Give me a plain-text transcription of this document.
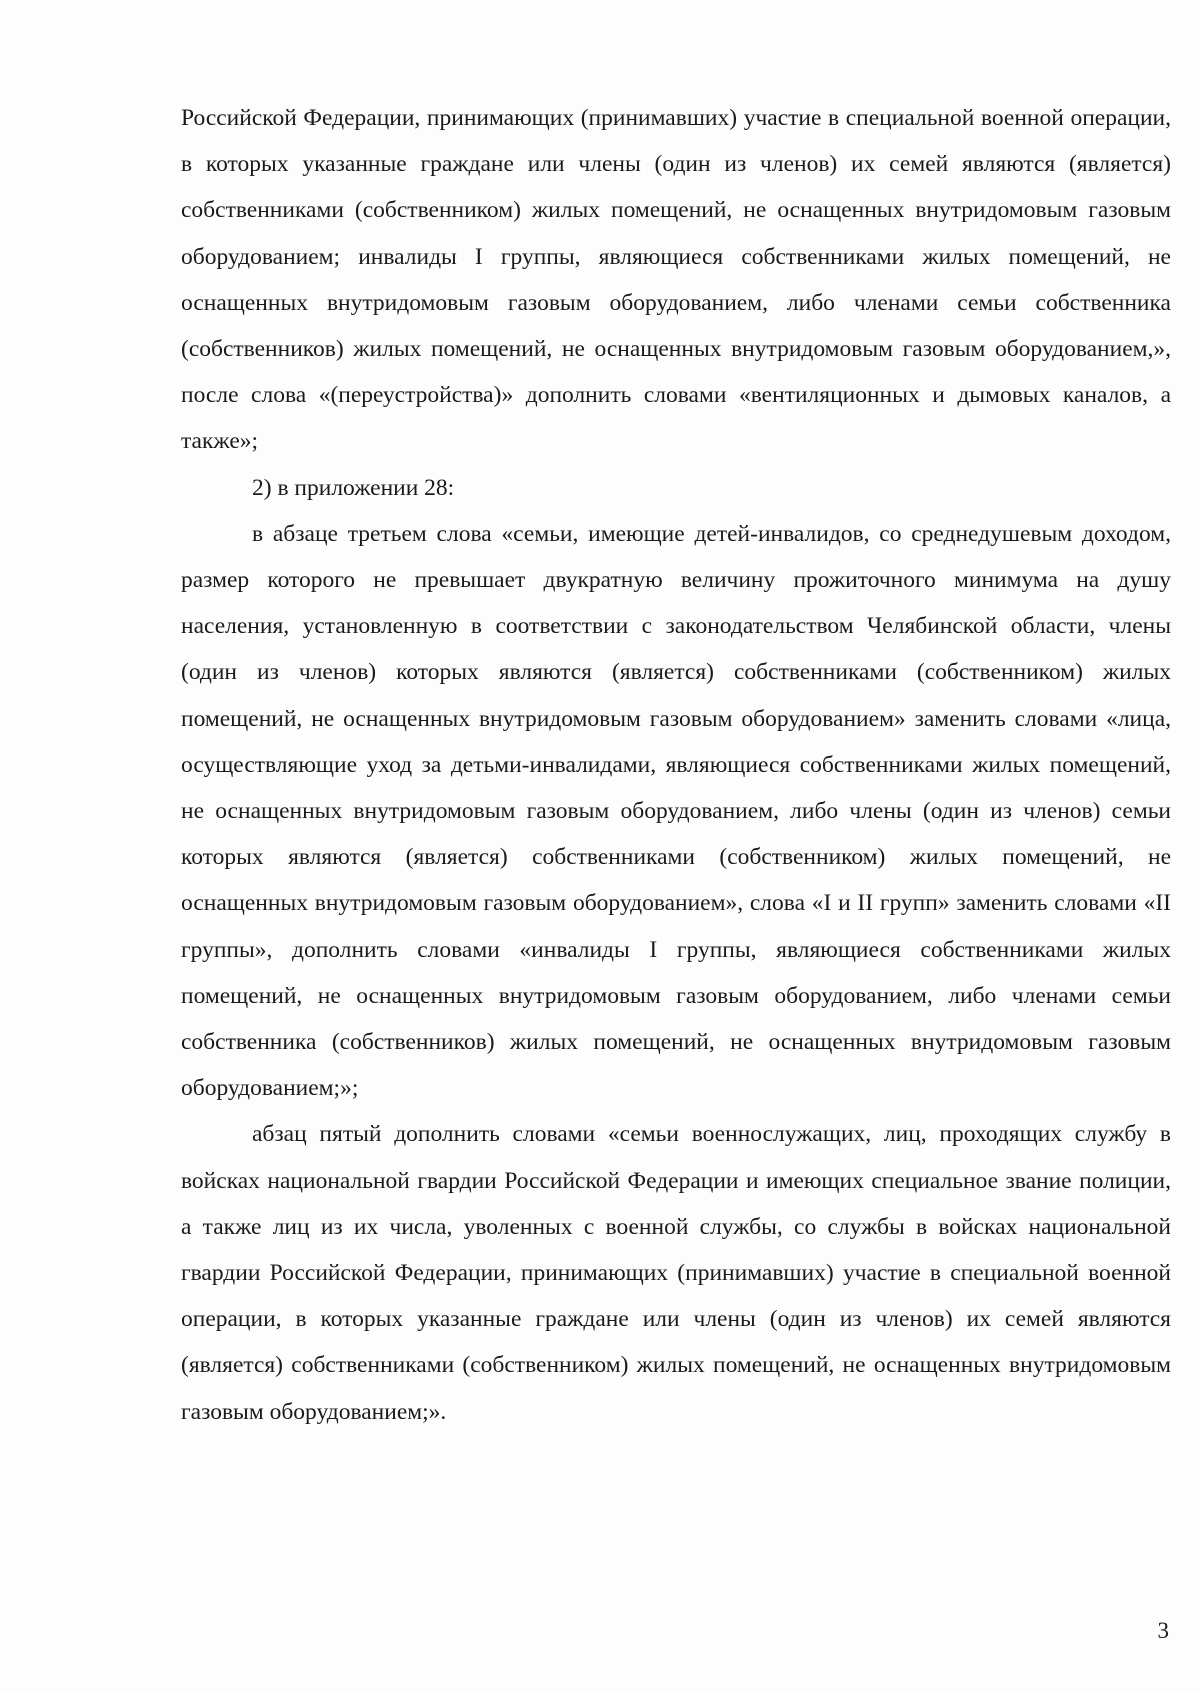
Российской Федерации, принимающих (принимавших) участие в специальной военной операции, в которых указанные граждане или члены (один из членов) их семей являются (является) собственниками (собственником) жилых помещений, не оснащенных внутридомовым газовым оборудованием; инвалиды I группы, являющиеся собственниками жилых помещений, не оснащенных внутридомовым газовым оборудованием, либо членами семьи собственника (собственников) жилых помещений, не оснащенных внутридомовым газовым оборудованием,», после слова «(переустройства)» дополнить словами «вентиляционных и дымовых каналов, а также»;

2) в приложении 28:

в абзаце третьем слова «семьи, имеющие детей-инвалидов, со среднедушевым доходом, размер которого не превышает двукратную величину прожиточного минимума на душу населения, установленную в соответствии с законодательством Челябинской области, члены (один из членов) которых являются (является) собственниками (собственником) жилых помещений, не оснащенных внутридомовым газовым оборудованием» заменить словами «лица, осуществляющие уход за детьми-инвалидами, являющиеся собственниками жилых помещений, не оснащенных внутридомовым газовым оборудованием, либо члены (один из членов) семьи которых являются (является) собственниками (собственником) жилых помещений, не оснащенных внутридомовым газовым оборудованием», слова «I и II групп» заменить словами «II группы», дополнить словами «инвалиды I группы, являющиеся собственниками жилых помещений, не оснащенных внутридомовым газовым оборудованием, либо членами семьи собственника (собственников) жилых помещений, не оснащенных внутридомовым газовым оборудованием;»;

абзац пятый дополнить словами «семьи военнослужащих, лиц, проходящих службу в войсках национальной гвардии Российской Федерации и имеющих специальное звание полиции, а также лиц из их числа, уволенных с военной службы, со службы в войсках национальной гвардии Российской Федерации, принимающих (принимавших) участие в специальной военной операции, в которых указанные граждане или члены (один из членов) их семей являются (является) собственниками (собственником) жилых помещений, не оснащенных внутридомовым газовым оборудованием;».

3
